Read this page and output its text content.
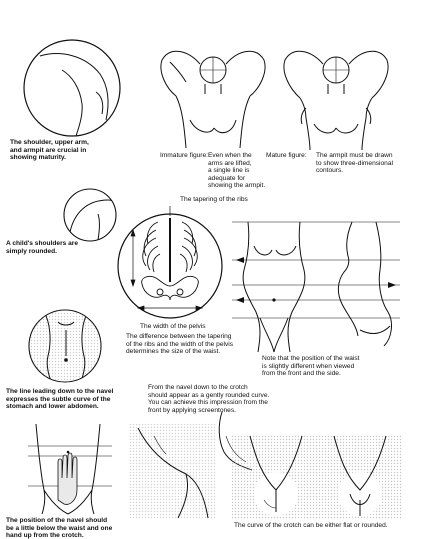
The shoulder, upper arm,
and armpit are crucial in
showing maturity.	Immature figure: Even when the
arms are lifted,
a single line is
adequate for
showing the armpit.
Mature figure:	The armpit must be drawn
to show three-dimensional
contours.
The tapering of the ribs
A child's shoulders are
simply rounded.
The width of the pelvis
The difference between the tapering
of the ribs and the width of the pelvis
determines the size of the waist.
Note that the position of the waist
is slightly different when viewed
from the front and the side.
The line leading down to the navel
expresses the subtle curve of the
stomach and lower abdomen.
From the navel down to the crotch
should appear as a gently rounded curve.
You can achieve this impression from the
front by applying screentones.
The position of the navel should
be a little below the waist and one
hand up from the crotch.
The curve of the crotch can be either flat or rounded.
